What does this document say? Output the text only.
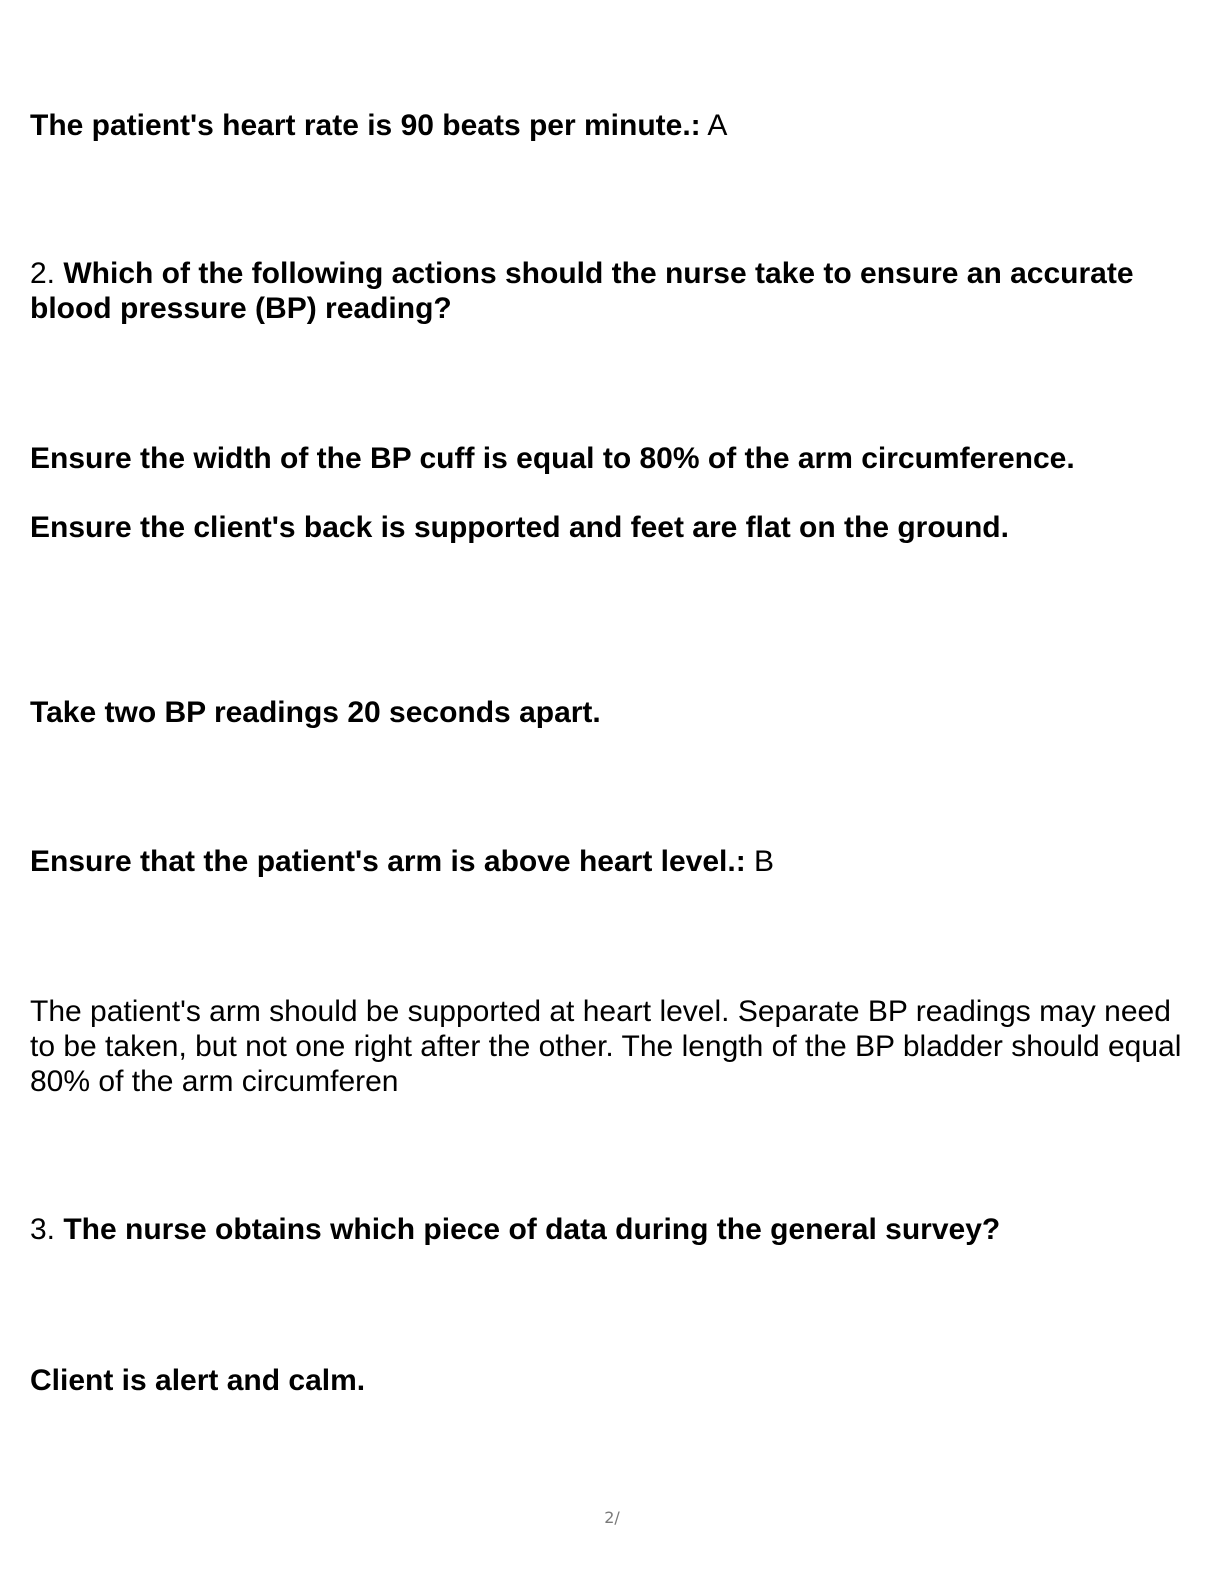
The patient's heart rate is 90 beats per minute.: A
2. Which of the following actions should the nurse take to ensure an accurate blood pressure (BP) reading?
Ensure the width of the BP cuff is equal to 80% of the arm circumference.
Ensure the client's back is supported and feet are flat on the ground.
Take two BP readings 20 seconds apart.
Ensure that the patient's arm is above heart level.: B
The patient's arm should be supported at heart level. Separate BP readings may need to be taken, but not one right after the other. The length of the BP bladder should equal 80% of the arm circumferen
3. The nurse obtains which piece of data during the general survey?
Client is alert and calm.
2/
